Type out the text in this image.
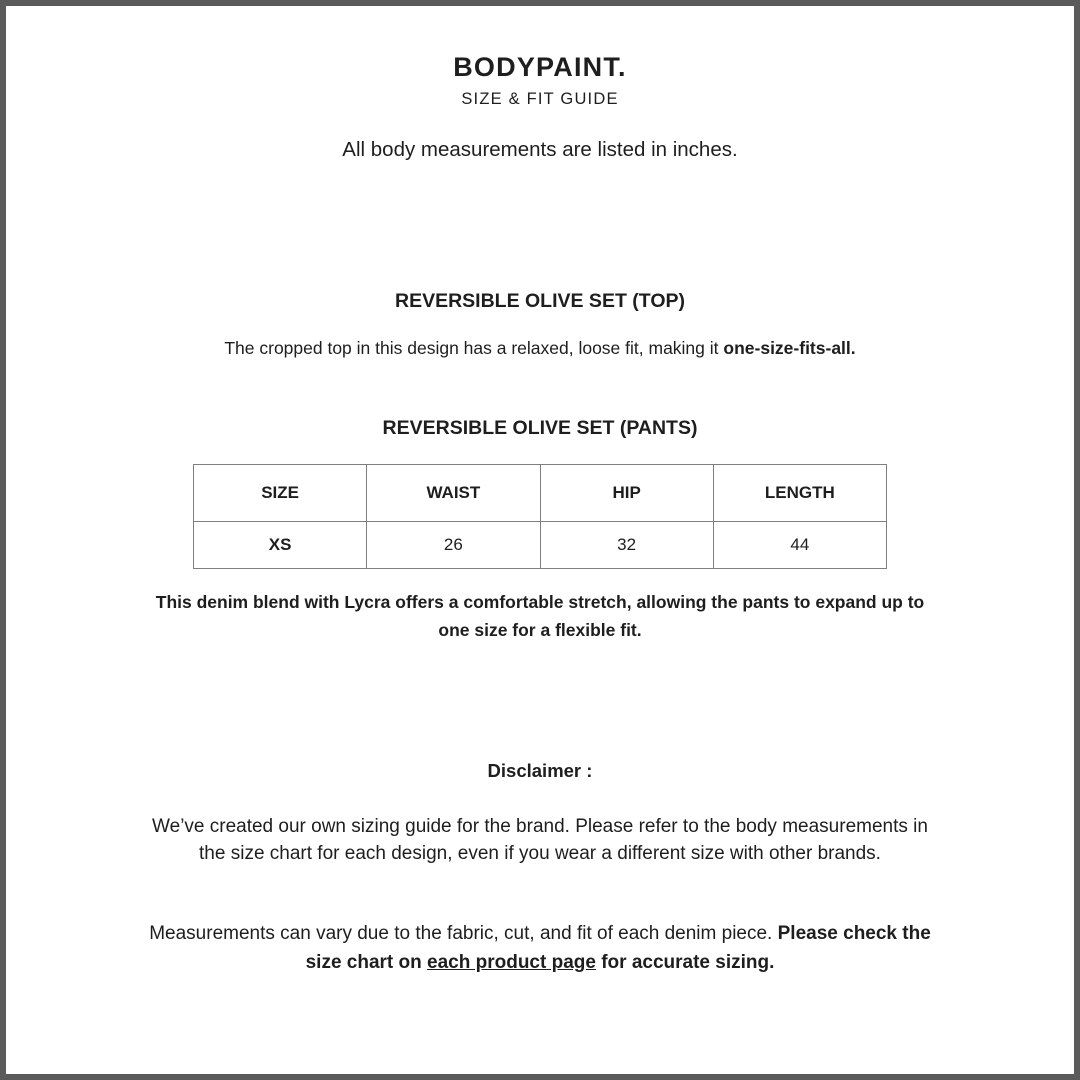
BODYPAINT.
SIZE & FIT GUIDE
All body measurements are listed in inches.
REVERSIBLE OLIVE SET (TOP)
The cropped top in this design has a relaxed, loose fit, making it one-size-fits-all.
REVERSIBLE OLIVE SET (PANTS)
SIZE	WAIST	HIP	LENGTH
XS	26	32	44
This denim blend with Lycra offers a comfortable stretch, allowing the pants to expand up to one size for a flexible fit.
Disclaimer :
We’ve created our own sizing guide for the brand. Please refer to the body measurements in the size chart for each design, even if you wear a different size with other brands.
Measurements can vary due to the fabric, cut, and fit of each denim piece. Please check the size chart on each product page for accurate sizing.
